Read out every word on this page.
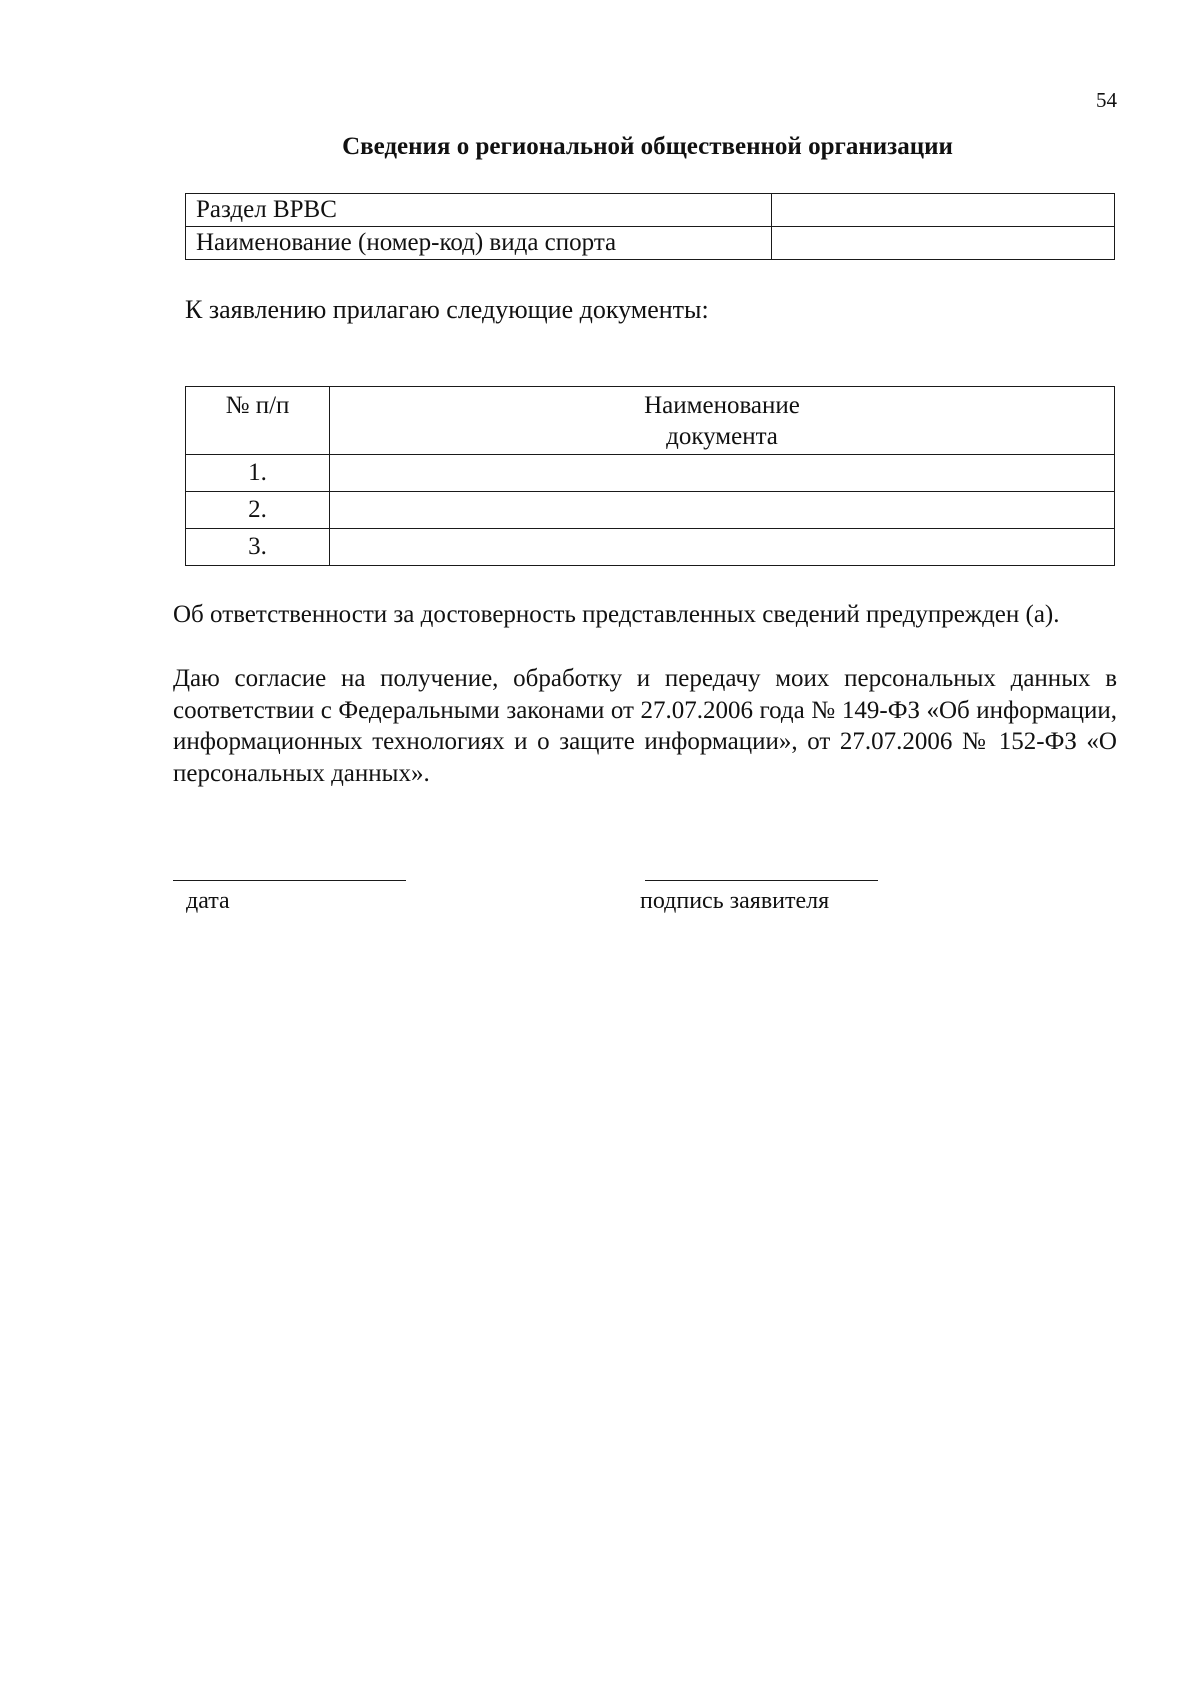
54
Сведения о региональной общественной организации
Раздел ВРВС	
Наименование (номер-код) вида спорта	
К заявлению прилагаю следующие документы:
№ п/п	Наименование
документа
1.	
2.	
3.	
Об ответственности за достоверность представленных сведений предупрежден (а).
Даю согласие на получение, обработку и передачу моих персональных данных в соответствии с Федеральными законами от 27.07.2006 года № 149-ФЗ «Об информации, информационных технологиях и о защите информации», от 27.07.2006 № 152-ФЗ «О персональных данных».
дата	подпись заявителя
